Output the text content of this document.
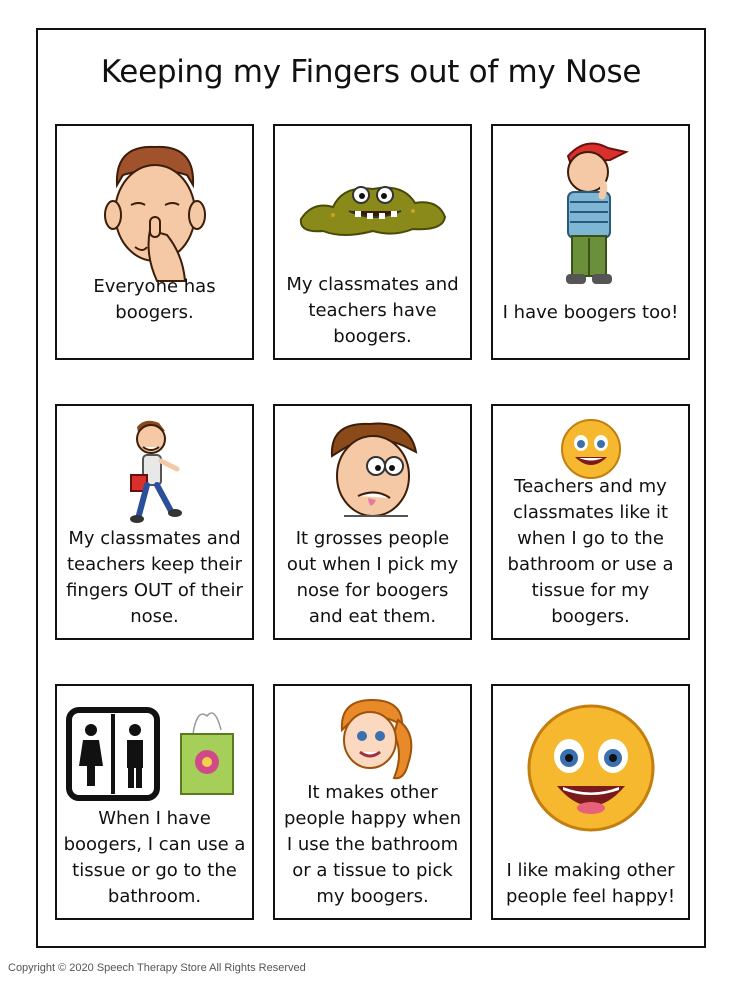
Keeping my Fingers out of my Nose
Everyone has boogers.
My classmates and teachers have boogers.
I have boogers too!
My classmates and teachers keep their fingers OUT of their nose.
It grosses people out when I pick my nose for boogers and eat them.
Teachers and my classmates like it when I go to the bathroom or use a tissue for my boogers.
When I have boogers, I can use a tissue or go to the bathroom.
It makes other people happy when I use the bathroom or a tissue to pick my boogers.
I like making other people feel happy!
Copyright © 2020 Speech Therapy Store All Rights Reserved
